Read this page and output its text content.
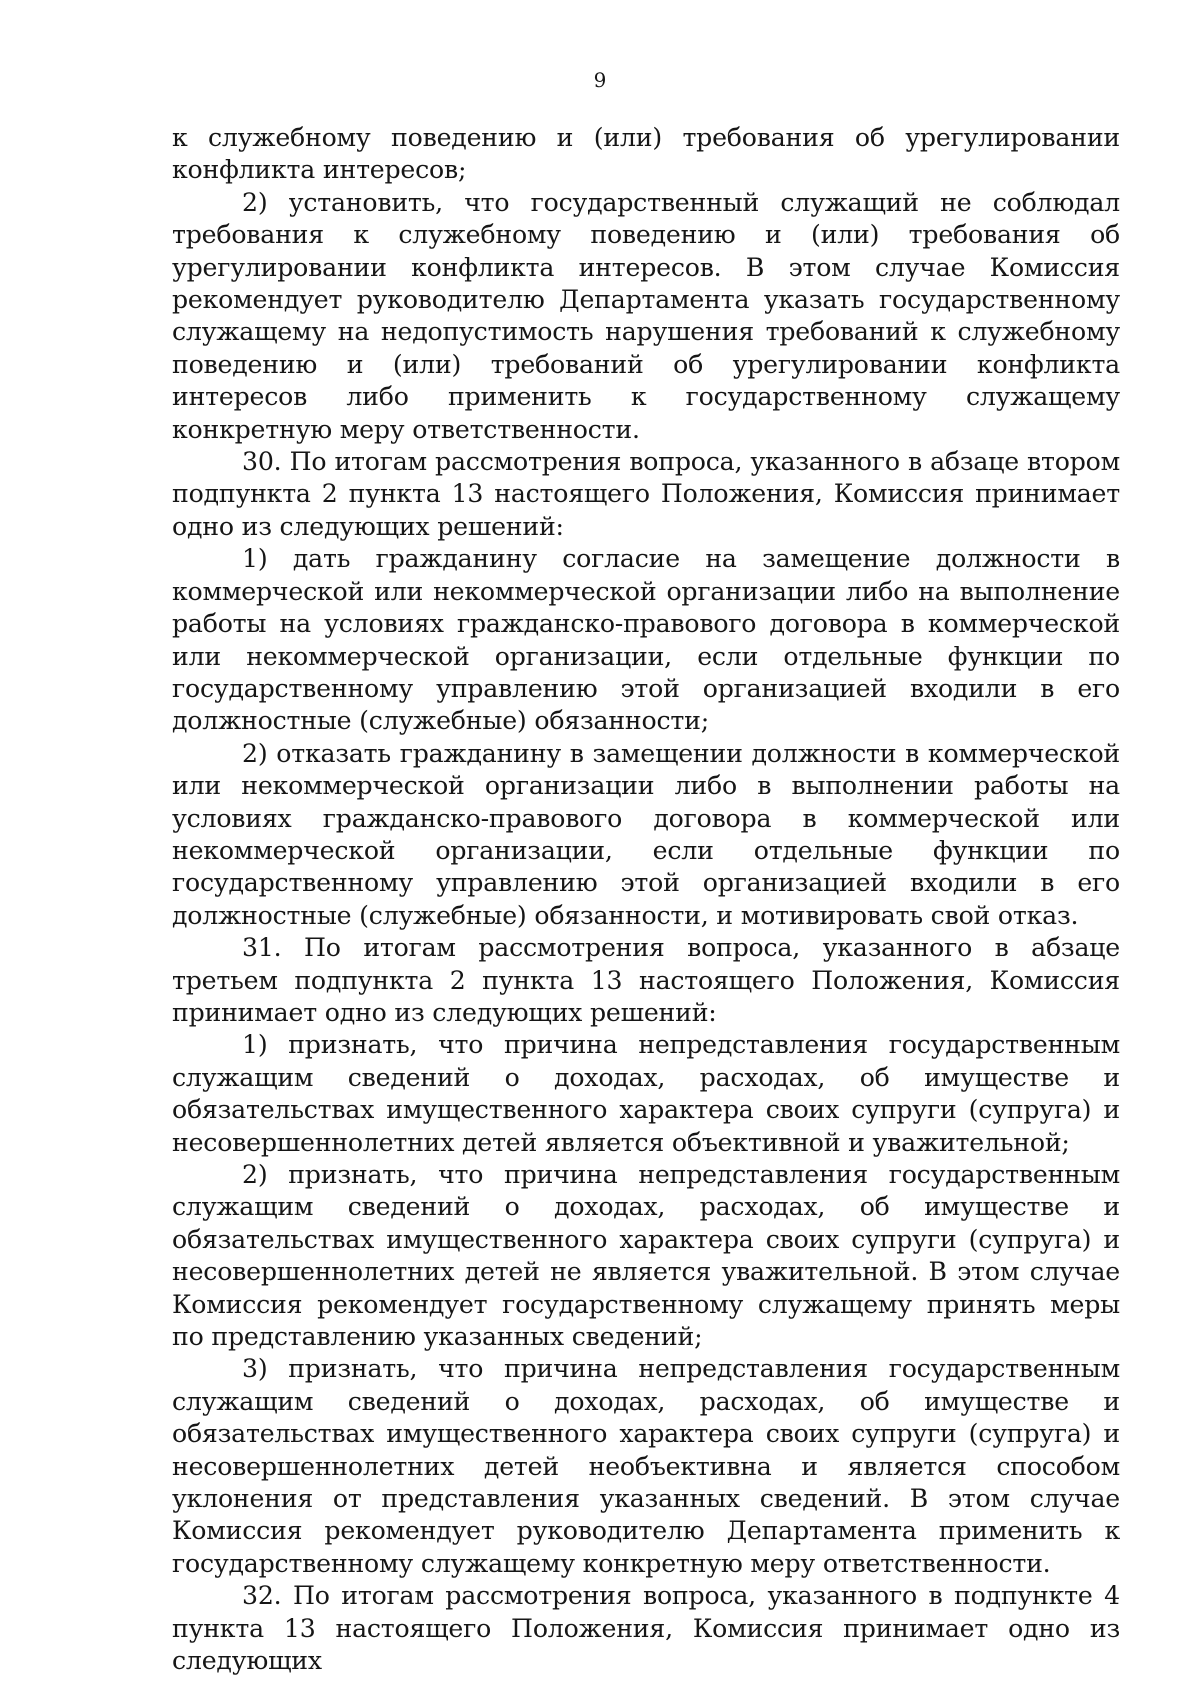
9

к служебному поведению и (или) требования об урегулировании конфликта интересов;

2) установить, что государственный служащий не соблюдал требования к служебному поведению и (или) требования об урегулировании конфликта интересов. В этом случае Комиссия рекомендует руководителю Департамента указать государственному служащему на недопустимость нарушения требований к служебному поведению и (или) требований об урегулировании конфликта интересов либо применить к государственному служащему конкретную меру ответственности.

30. По итогам рассмотрения вопроса, указанного в абзаце втором подпункта 2 пункта 13 настоящего Положения, Комиссия принимает одно из следующих решений:

1) дать гражданину согласие на замещение должности в коммерческой или некоммерческой организации либо на выполнение работы на условиях гражданско-правового договора в коммерческой или некоммерческой организации, если отдельные функции по государственному управлению этой организацией входили в его должностные (служебные) обязанности;

2) отказать гражданину в замещении должности в коммерческой или некоммерческой организации либо в выполнении работы на условиях гражданско-правового договора в коммерческой или некоммерческой организации, если отдельные функции по государственному управлению этой организацией входили в его должностные (служебные) обязанности, и мотивировать свой отказ.

31. По итогам рассмотрения вопроса, указанного в абзаце третьем подпункта 2 пункта 13 настоящего Положения, Комиссия принимает одно из следующих решений:

1) признать, что причина непредставления государственным служащим сведений о доходах, расходах, об имуществе и обязательствах имущественного характера своих супруги (супруга) и несовершеннолетних детей является объективной и уважительной;

2) признать, что причина непредставления государственным служащим сведений о доходах, расходах, об имуществе и обязательствах имущественного характера своих супруги (супруга) и несовершеннолетних детей не является уважительной. В этом случае Комиссия рекомендует государственному служащему принять меры по представлению указанных сведений;

3) признать, что причина непредставления государственным служащим сведений о доходах, расходах, об имуществе и обязательствах имущественного характера своих супруги (супруга) и несовершеннолетних детей необъективна и является способом уклонения от представления указанных сведений. В этом случае Комиссия рекомендует руководителю Департамента применить к государственному служащему конкретную меру ответственности.

32. По итогам рассмотрения вопроса, указанного в подпункте 4 пункта 13 настоящего Положения, Комиссия принимает одно из следующих
